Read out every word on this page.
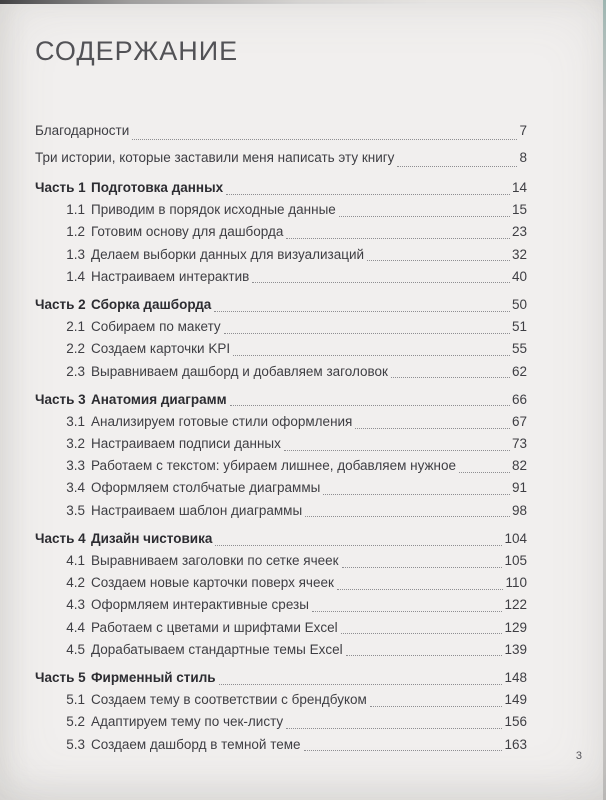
СОДЕРЖАНИЕ
Благодарности	7
Три истории, которые заставили меня написать эту книгу	8
Часть 1 Подготовка данных	14
1.1 Приводим в порядок исходные данные	15
1.2 Готовим основу для дашборда	23
1.3 Делаем выборки данных для визуализаций	32
1.4 Настраиваем интерактив	40
Часть 2 Сборка дашборда	50
2.1 Собираем по макету	51
2.2 Создаем карточки KPI	55
2.3 Выравниваем дашборд и добавляем заголовок	62
Часть 3 Анатомия диаграмм	66
3.1 Анализируем готовые стили оформления	67
3.2 Настраиваем подписи данных	73
3.3 Работаем с текстом: убираем лишнее, добавляем нужное	82
3.4 Оформляем столбчатые диаграммы	91
3.5 Настраиваем шаблон диаграммы	98
Часть 4 Дизайн чистовика	104
4.1 Выравниваем заголовки по сетке ячеек	105
4.2 Создаем новые карточки поверх ячеек	110
4.3 Оформляем интерактивные срезы	122
4.4 Работаем с цветами и шрифтами Excel	129
4.5 Дорабатываем стандартные темы Excel	139
Часть 5 Фирменный стиль	148
5.1 Создаем тему в соответствии с брендбуком	149
5.2 Адаптируем тему по чек-листу	156
5.3 Создаем дашборд в темной теме	163
3
